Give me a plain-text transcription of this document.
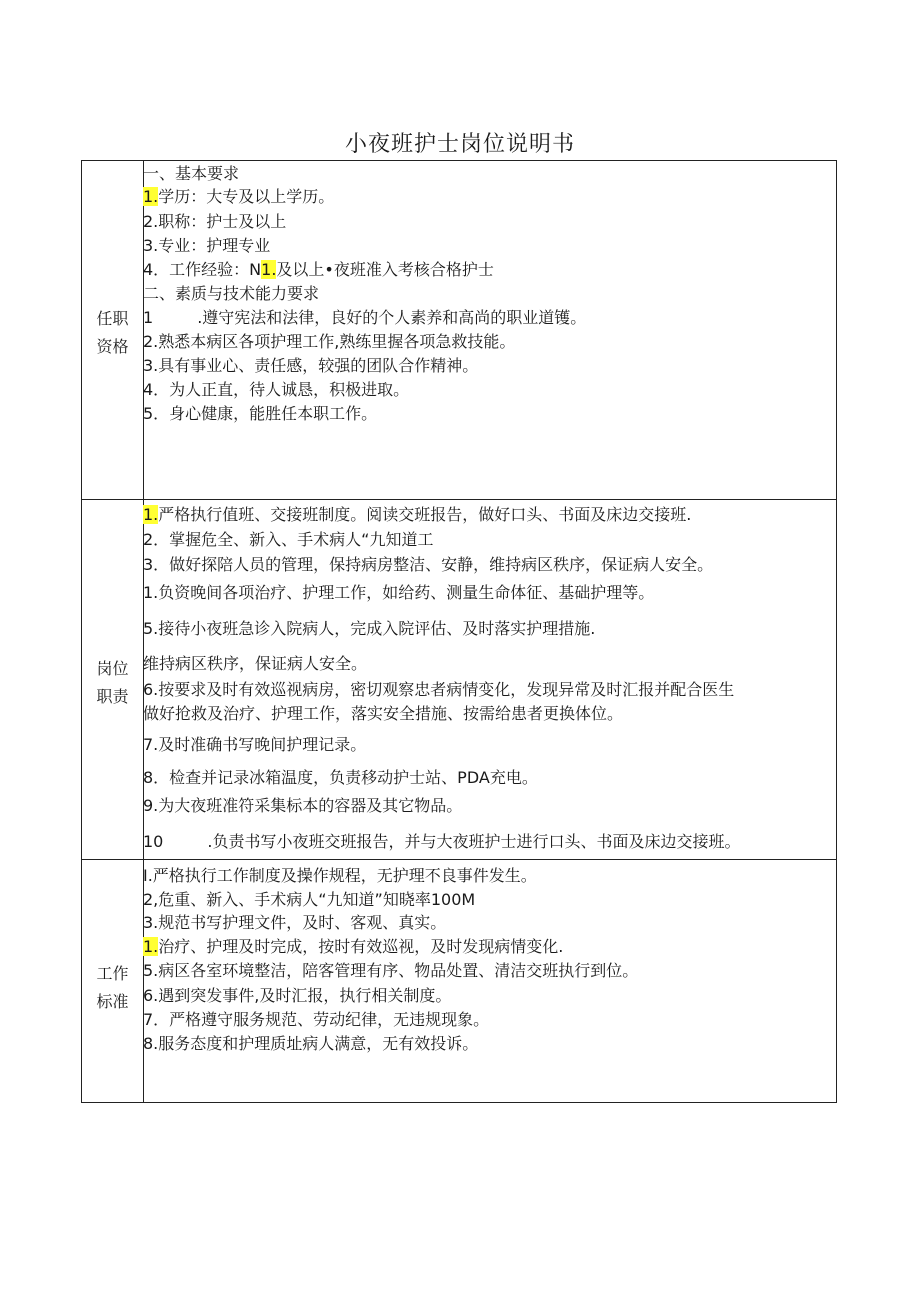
小夜班护士岗位说明书
任职
资格
岗位
职责
工作
标准
一、基本要求
1.学历：大专及以上学历。
2.职称：护士及以上
3.专业：护理专业
4．工作经验：N1.及以上•夜班准入考核合格护士
二、素质与技术能力要求
1	.遵守宪法和法律，良好的个人素养和高尚的职业道镬。
2.熟悉本病区各项护理工作,熟练里握各项急救技能。
3.具有事业心、责任感，较强的团队合作精神。
4．为人正直，待人诚恳，积极进取。
5．身心健康，能胜任本职工作。
1.严格执行值班、交接班制度。阅读交班报告，做好口头、书面及床边交接班.
2．掌握危全、新入、手术病人“九知道工
3．做好探陪人员的管理，保持病房整洁、安静，维持病区秩序，保证病人安全。
1.负资晚间各项治疗、护理工作，如给药、测量生命体征、基础护理等。
5.接待小夜班急诊入院病人，完成入院评估、及时落实护理措施.
维持病区秩序，保证病人安全。
6.按要求及时有效巡视病房，密切观察忠者病情变化，发现异常及时汇报并配合医生
做好抢救及治疗、护理工作，落实安全措施、按需给患者更换体位。
7.及时准确书写晚间护理记录。
8．检查并记录冰箱温度，负责移动护士站、PDA充电。
9.为大夜班准符采集标本的容器及其它物品。
10	.负责书写小夜班交班报告，并与大夜班护士进行口头、书面及床边交接班。
I.严格执行工作制度及操作规程，无护理不良事件发生。
2,危重、新入、手术病人“九知道”知晓率100M
3.规范书写护理文件，及时、客观、真实。
1.治疗、护理及时完成，按时有效巡视，及时发现病情变化.
5.病区各室环境整洁，陪客管理有序、物品处置、清洁交班执行到位。
6.遇到突发事件,及时汇报，执行相关制度。
7．严格遵守服务规范、劳动纪律，无违规现象。
8.服务态度和护理质址病人满意，无有效投诉。
